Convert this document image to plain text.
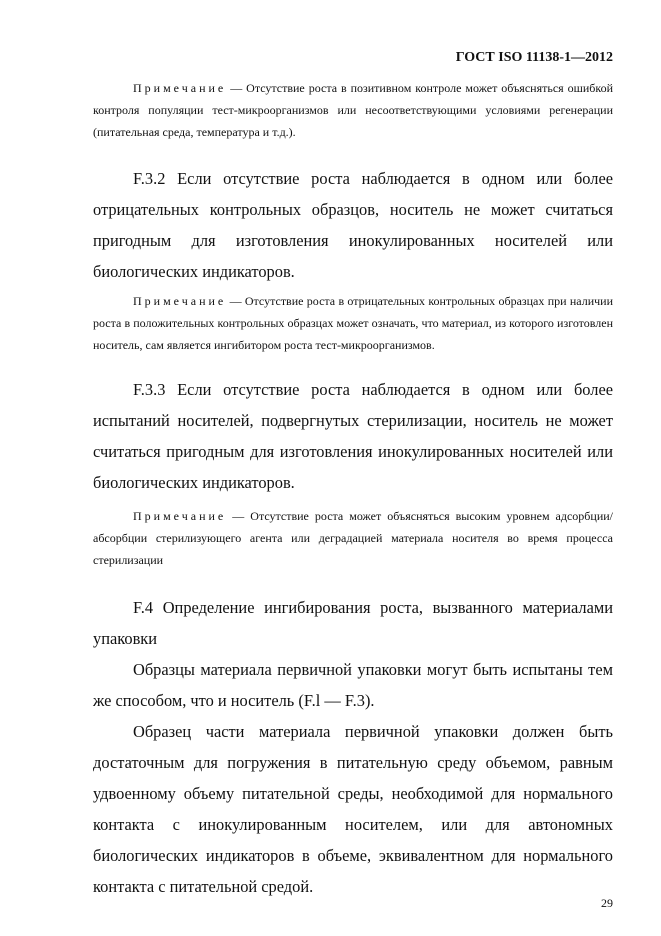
ГОСТ ISO 11138-1—2012
Примечание — Отсутствие роста в позитивном контроле может объясняться ошибкой контроля популяции тест-микроорганизмов или несоответствующими условиями регенерации (питательная среда, температура и т.д.).

F.3.2 Если отсутствие роста наблюдается в одном или более отрицательных контрольных образцов, носитель не может считаться пригодным для изготовления инокулированных носителей или биологических индикаторов.

Примечание — Отсутствие роста в отрицательных контрольных образцах при наличии роста в положительных контрольных образцах может означать, что материал, из которого изготовлен носитель, сам является ингибитором роста тест-микроорганизмов.

F.3.3 Если отсутствие роста наблюдается в одном или более испытаний носителей, подвергнутых стерилизации, носитель не может считаться пригодным для изготовления инокулированных носителей или биологических индикаторов.

Примечание — Отсутствие роста может объясняться высоким уровнем адсорбции/абсорбции стерилизующего агента или деградацией материала носителя во время процесса стерилизации

F.4 Определение ингибирования роста, вызванного материалами упаковки

Образцы материала первичной упаковки могут быть испытаны тем же способом, что и носитель (F.l — F.3).

Образец части материала первичной упаковки должен быть достаточным для погружения в питательную среду объемом, равным удвоенному объему питательной среды, необходимой для нормального контакта с инокулированным носителем, или для автономных биологических индикаторов в объеме, эквивалентном для нормального контакта с питательной средой.

29
